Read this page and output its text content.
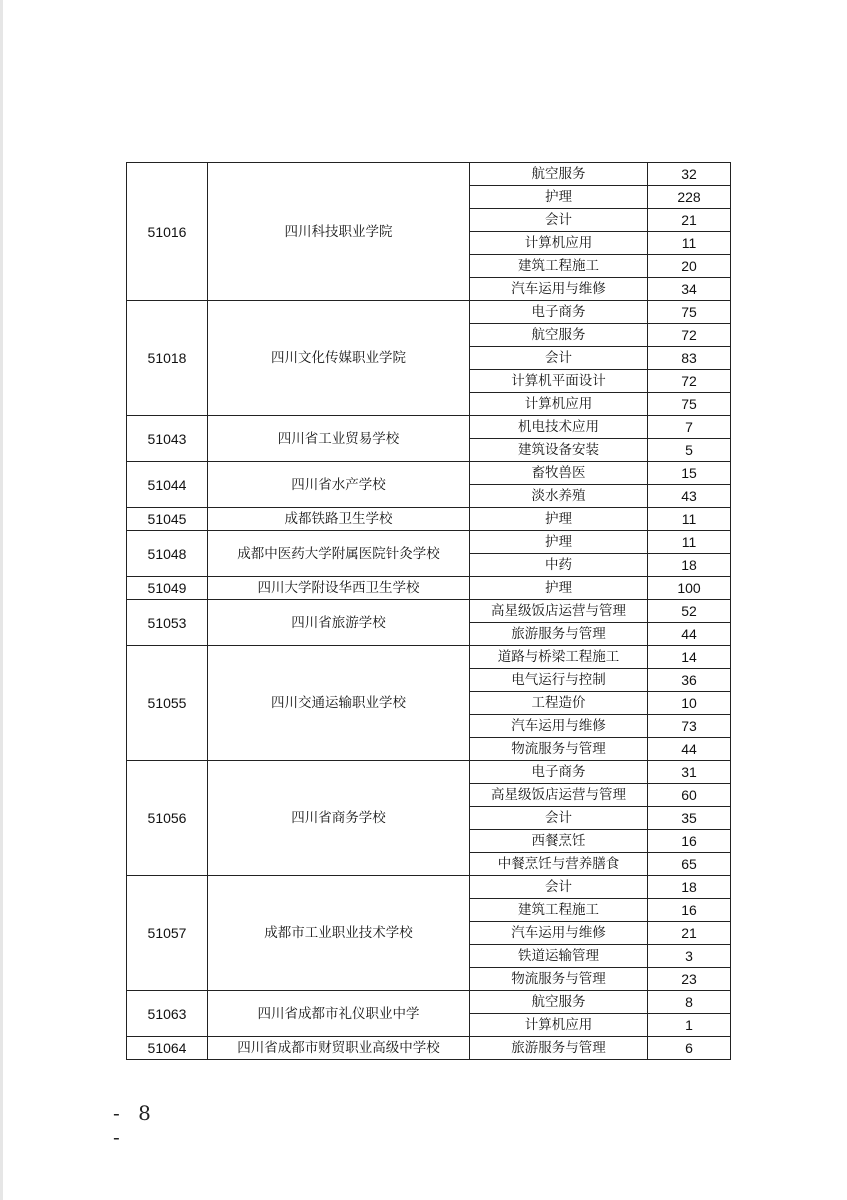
51016	四川科技职业学院	航空服务	32
		护理	228
		会计	21
		计算机应用	11
		建筑工程施工	20
		汽车运用与维修	34
51018	四川文化传媒职业学院	电子商务	75
		航空服务	72
		会计	83
		计算机平面设计	72
		计算机应用	75
51043	四川省工业贸易学校	机电技术应用	7
		建筑设备安装	5
51044	四川省水产学校	畜牧兽医	15
		淡水养殖	43
51045	成都铁路卫生学校	护理	11
51048	成都中医药大学附属医院针灸学校	护理	11
		中药	18
51049	四川大学附设华西卫生学校	护理	100
51053	四川省旅游学校	高星级饭店运营与管理	52
		旅游服务与管理	44
51055	四川交通运输职业学校	道路与桥梁工程施工	14
		电气运行与控制	36
		工程造价	10
		汽车运用与维修	73
		物流服务与管理	44
51056	四川省商务学校	电子商务	31
		高星级饭店运营与管理	60
		会计	35
		西餐烹饪	16
		中餐烹饪与营养膳食	65
51057	成都市工业职业技术学校	会计	18
		建筑工程施工	16
		汽车运用与维修	21
		铁道运输管理	3
		物流服务与管理	23
51063	四川省成都市礼仪职业中学	航空服务	8
		计算机应用	1
51064	四川省成都市财贸职业高级中学校	旅游服务与管理	6
- 8 -
